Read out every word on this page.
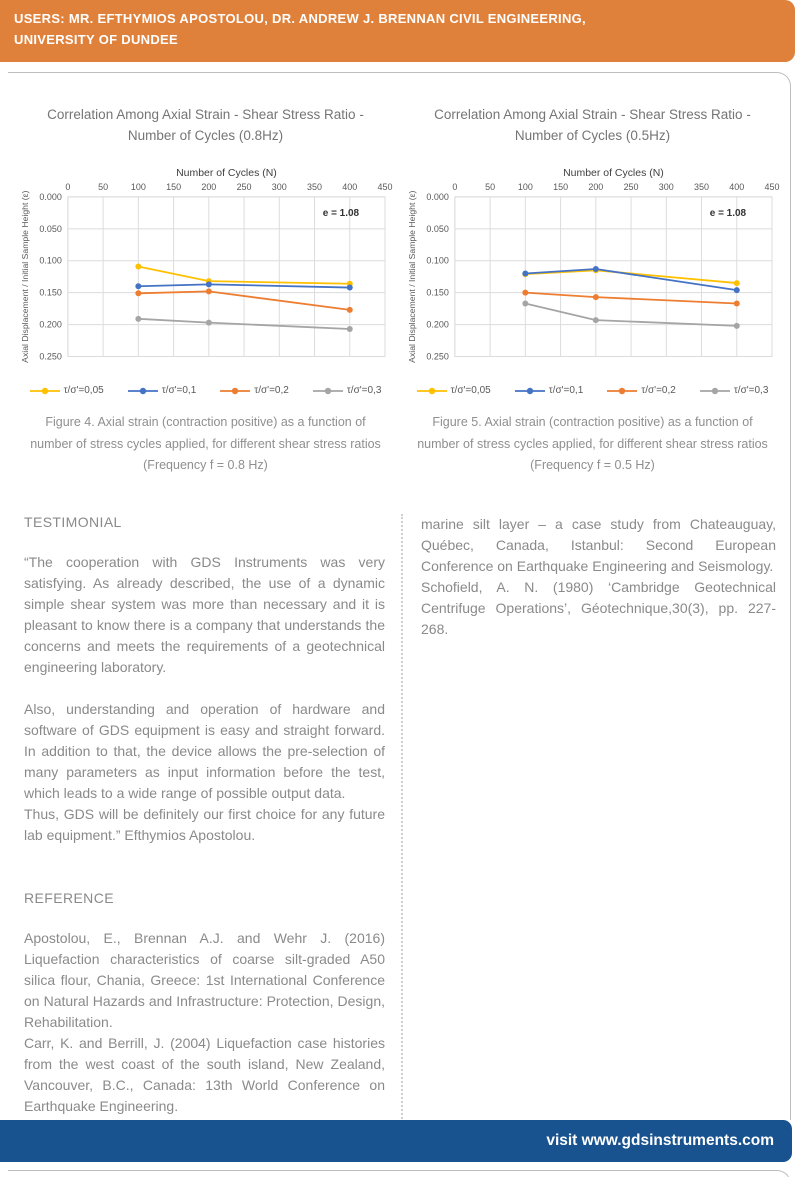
USERS: MR. EFTHYMIOS APOSTOLOU, DR. ANDREW J. BRENNAN CIVIL ENGINEERING,
UNIVERSITY OF DUNDEE
Correlation Among Axial Strain - Shear Stress Ratio - Number of Cycles (0.8Hz)
Number of Cycles (N)
0	50	100 150 200 250 300 350 400 450
0.000
0.050
0.100
0.150
0.200
0.250
Axial Displacement / Initial Sample Height (ε)	e = 1.08
τ/σ'=0,05	τ/σ'=0,1	τ/σ'=0,2	τ/σ'=0,3
Figure 4. Axial strain (contraction positive) as a function of number of stress cycles applied, for different shear stress ratios (Frequency f = 0.8 Hz)
Correlation Among Axial Strain - Shear Stress Ratio - Number of Cycles (0.5Hz)
Number of Cycles (N)
0	50	100 150 200 250 300 350 400 450
0.000
0.050
0.100
0.150
0.200
0.250
Axial Displacement / Initial Sample Height (ε)	e = 1.08
τ/σ'=0,05	τ/σ'=0,1	τ/σ'=0,2	τ/σ'=0,3
Figure 5. Axial strain (contraction positive) as a function of number of stress cycles applied, for different shear stress ratios (Frequency f = 0.5 Hz)

TESTIMONIAL

“The cooperation with GDS Instruments was very satisfying. As already described, the use of a dynamic simple shear system was more than necessary and it is pleasant to know there is a company that understands the concerns and meets the requirements of a geotechnical engineering laboratory.

Also, understanding and operation of hardware and software of GDS equipment is easy and straight forward. In addition to that, the device allows the pre-selection of many parameters as input information before the test, which leads to a wide range of possible output data.

Thus, GDS will be definitely our first choice for any future lab equipment.” Efthymios Apostolou.

REFERENCE

Apostolou, E., Brennan A.J. and Wehr J. (2016) Liquefaction characteristics of coarse silt-graded A50 silica flour, Chania, Greece: 1st International Conference on Natural Hazards and Infrastructure: Protection, Design, Rehabilitation.

Carr, K. and Berrill, J. (2004) Liquefaction case histories from the west coast of the south island, New Zealand, Vancouver, B.C., Canada: 13th World Conference on Earthquake Engineering.

marine silt layer – a case study from Chateauguay, Québec, Canada, Istanbul: Second European Conference on Earthquake Engineering and Seismology.

Schofield, A. N. (1980) ‘Cambridge Geotechnical Centrifuge Operations’, Géotechnique,30(3), pp. 227-268.

visit www.gdsinstruments.com
